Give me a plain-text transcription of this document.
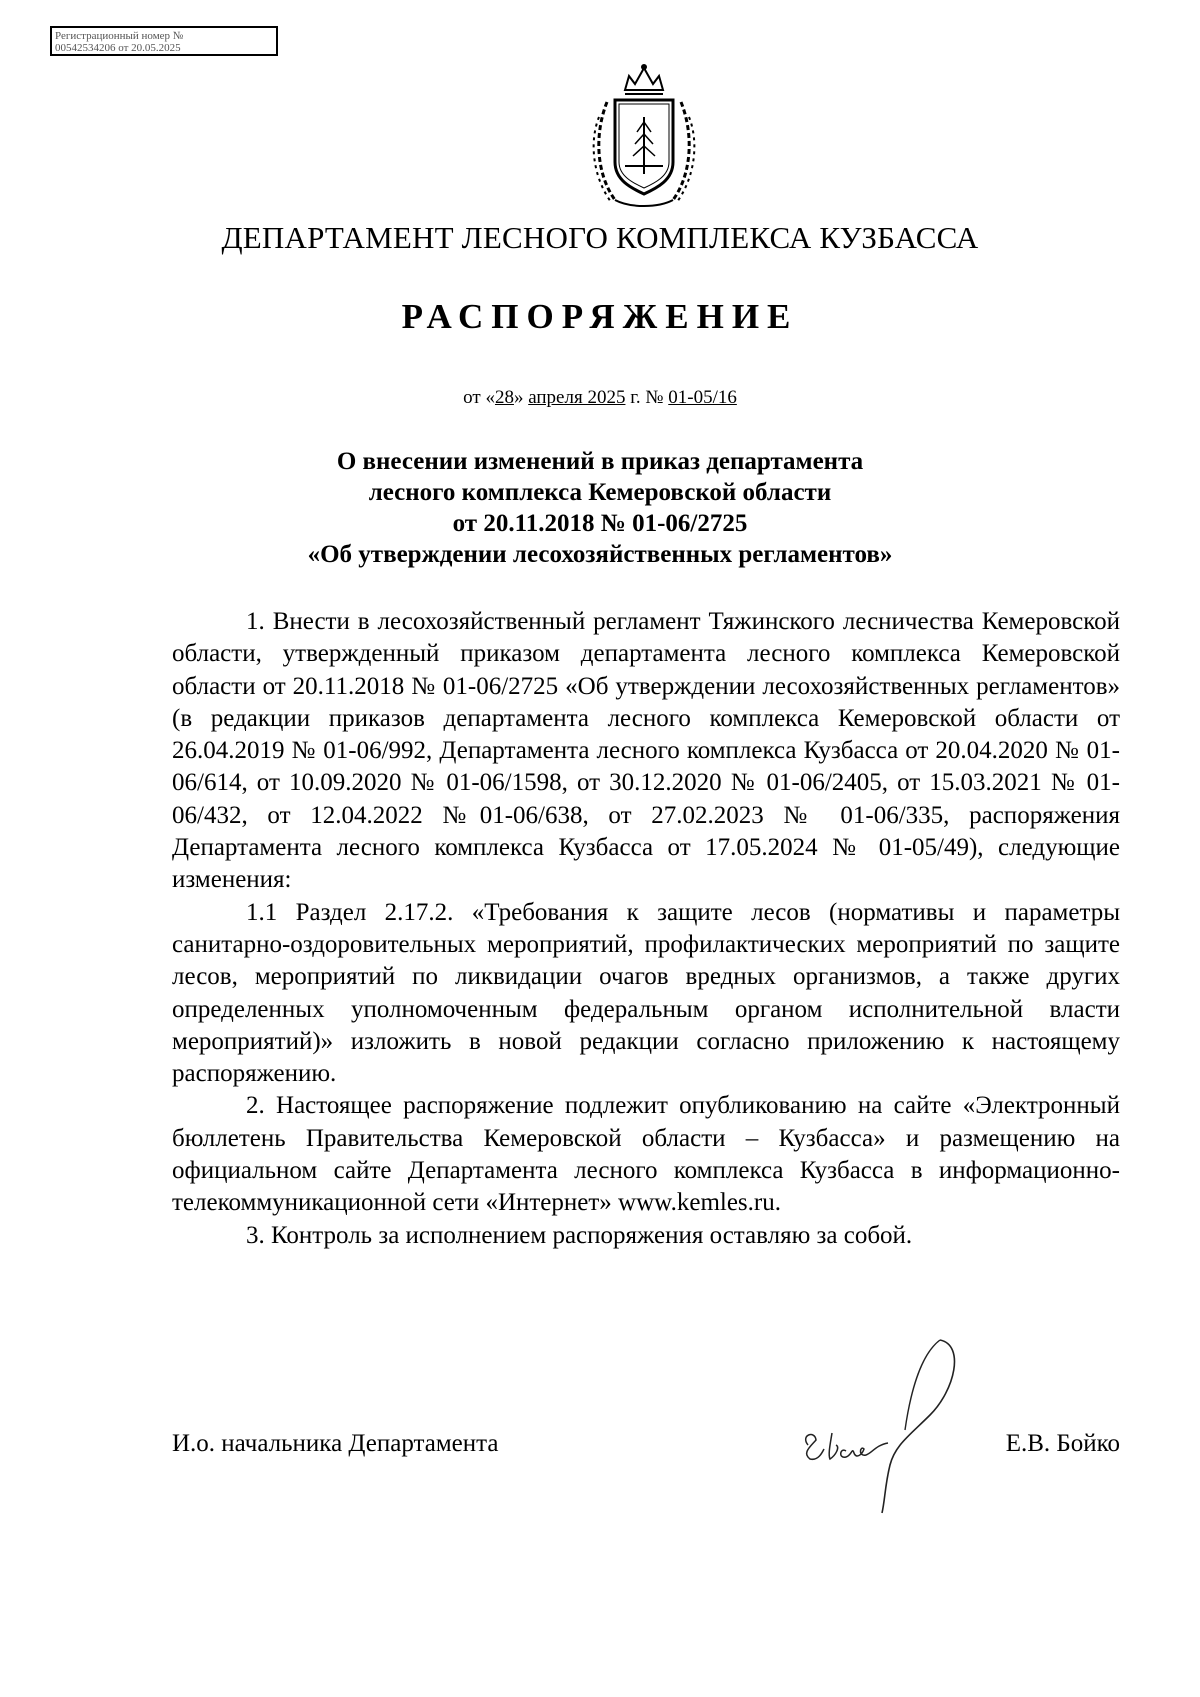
Регистрационный номер №
00542534206 от 20.05.2025
ДЕПАРТАМЕНТ ЛЕСНОГО КОМПЛЕКСА КУЗБАССА
РАСПОРЯЖЕНИЕ
от «28» апреля 2025 г. № 01-05/16
О внесении изменений в приказ департамента
лесного комплекса Кемеровской области
от 20.11.2018 № 01-06/2725
«Об утверждении лесохозяйственных регламентов»

1. Внести в лесохозяйственный регламент Тяжинского лесничества Кемеровской области, утвержденный приказом департамента лесного комплекса Кемеровской области от 20.11.2018 № 01-06/2725 «Об утверждении лесохозяйственных регламентов» (в редакции приказов департамента лесного комплекса Кемеровской области от 26.04.2019 № 01-06/992, Департамента лесного комплекса Кузбасса от 20.04.2020 № 01-06/614, от 10.09.2020 № 01-06/1598, от 30.12.2020 № 01-06/2405, от 15.03.2021 № 01-06/432, от 12.04.2022 №01-06/638, от 27.02.2023 № 01-06/335, распоряжения Департамента лесного комплекса Кузбасса от 17.05.2024 № 01-05/49), следующие изменения:

1.1 Раздел 2.17.2. «Требования к защите лесов (нормативы и параметры санитарно-оздоровительных мероприятий, профилактических мероприятий по защите лесов, мероприятий по ликвидации очагов вредных организмов, а также других определенных уполномоченным федеральным органом исполнительной власти мероприятий)» изложить в новой редакции согласно приложению к настоящему распоряжению.

2. Настоящее распоряжение подлежит опубликованию на сайте «Электронный бюллетень Правительства Кемеровской области – Кузбасса» и размещению на официальном сайте Департамента лесного комплекса Кузбасса в информационно-телекоммуникационной сети «Интернет» www.kemles.ru.

3. Контроль за исполнением распоряжения оставляю за собой.

И.о. начальника Департамента	Е.В. Бойко
